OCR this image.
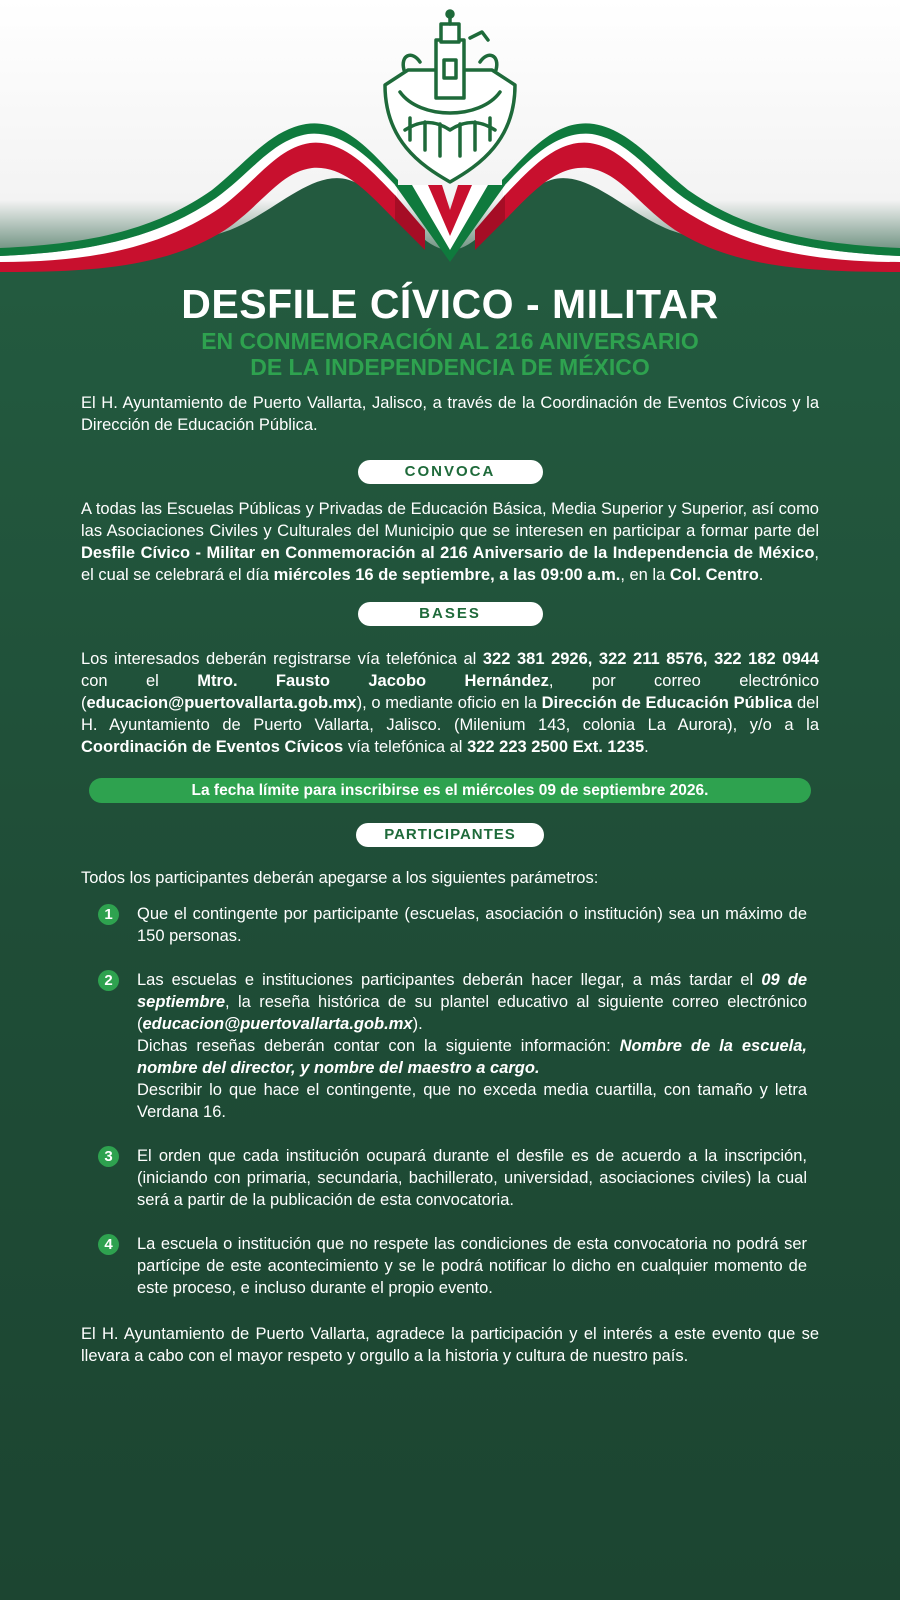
DESFILE CÍVICO - MILITAR
EN CONMEMORACIÓN AL 216 ANIVERSARIO
DE LA INDEPENDENCIA DE MÉXICO

El H. Ayuntamiento de Puerto Vallarta, Jalisco, a través de la Coordinación de Eventos Cívicos y la Dirección de Educación Pública.

CONVOCA

A todas las Escuelas Públicas y Privadas de Educación Básica, Media Superior y Superior, así como las Asociaciones Civiles y Culturales del Municipio que se interesen en participar a formar parte del Desfile Cívico - Militar en Conmemoración al 216 Aniversario de la Independencia de México, el cual se celebrará el día miércoles 16 de septiembre, a las 09:00 a.m., en la Col. Centro.

BASES

Los interesados deberán registrarse vía telefónica al 322 381 2926, 322 211 8576, 322 182 0944 con el Mtro. Fausto Jacobo Hernández, por correo electrónico (educacion@puertovallarta.gob.mx), o mediante oficio en la Dirección de Educación Pública del H. Ayuntamiento de Puerto Vallarta, Jalisco. (Milenium 143, colonia La Aurora), y/o a la Coordinación de Eventos Cívicos vía telefónica al 322 223 2500 Ext. 1235.

La fecha límite para inscribirse es el miércoles 09 de septiembre 2026.
PARTICIPANTES

Todos los participantes deberán apegarse a los siguientes parámetros:

1	Que el contingente por participante (escuelas, asociación o institución) sea un máximo de 150 personas.

2	Las escuelas e instituciones participantes deberán hacer llegar, a más tardar el 09 de septiembre, la reseña histórica de su plantel educativo al siguiente correo electrónico (educacion@puertovallarta.gob.mx).
Dichas reseñas deberán contar con la siguiente información: Nombre de la escuela, nombre del director, y nombre del maestro a cargo.
Describir lo que hace el contingente, que no exceda media cuartilla, con tamaño y letra Verdana 16.

3	El orden que cada institución ocupará durante el desfile es de acuerdo a la inscripción, (iniciando con primaria, secundaria, bachillerato, universidad, asociaciones civiles) la cual será a partir de la publicación de esta convocatoria.

4	La escuela o institución que no respete las condiciones de esta convocatoria no podrá ser partícipe de este acontecimiento y se le podrá notificar lo dicho en cualquier momento de este proceso, e incluso durante el propio evento.

El H. Ayuntamiento de Puerto Vallarta, agradece la participación y el interés a este evento que se llevara a cabo con el mayor respeto y orgullo a la historia y cultura de nuestro país.
